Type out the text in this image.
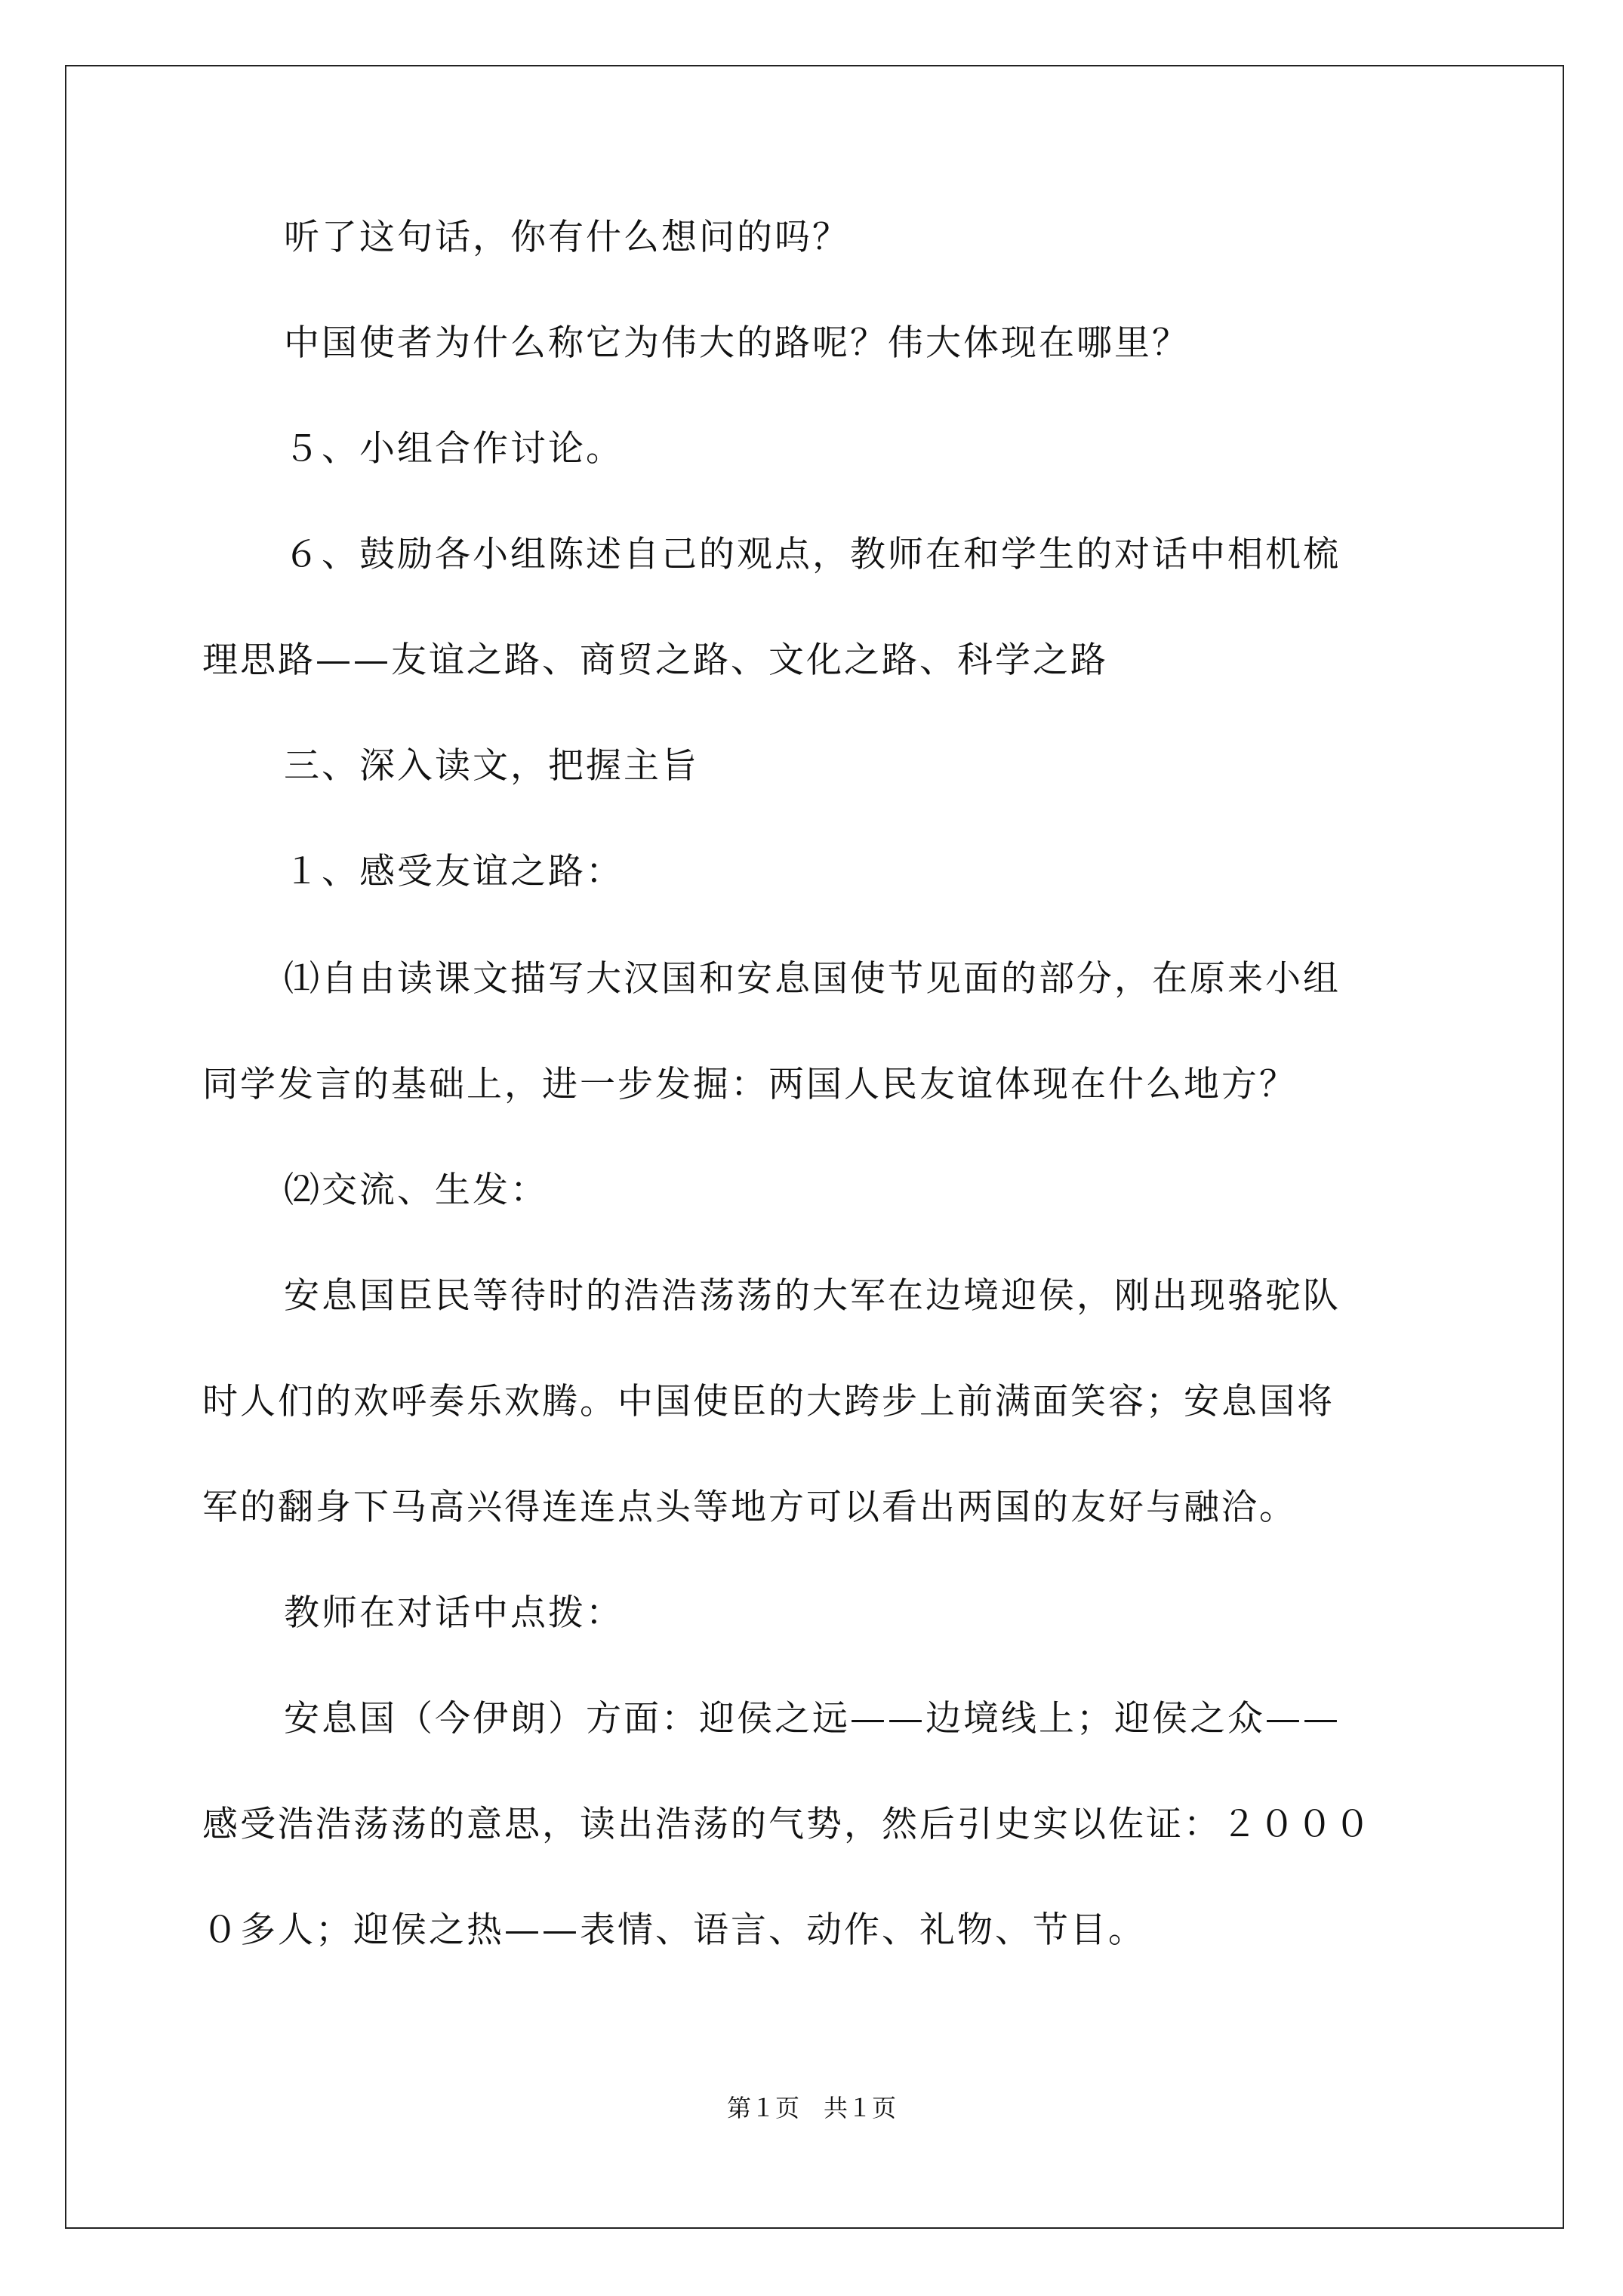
听了这句话，你有什么想问的吗？
中国使者为什么称它为伟大的路呢？伟大体现在哪里？
５、小组合作讨论。
６、鼓励各小组陈述自己的观点，教师在和学生的对话中相机梳
理思路——友谊之路、商贸之路、文化之路、科学之路
三、深入读文，把握主旨
１、感受友谊之路：
⑴自由读课文描写大汉国和安息国使节见面的部分，在原来小组
同学发言的基础上，进一步发掘：两国人民友谊体现在什么地方？
⑵交流、生发：
安息国臣民等待时的浩浩荡荡的大军在边境迎侯，刚出现骆驼队
时人们的欢呼奏乐欢腾。中国使臣的大跨步上前满面笑容；安息国将
军的翻身下马高兴得连连点头等地方可以看出两国的友好与融洽。
教师在对话中点拨：
安息国（今伊朗）方面：迎侯之远——边境线上；迎侯之众——
感受浩浩荡荡的意思，读出浩荡的气势，然后引史实以佐证：２０００
０多人；迎侯之热——表情、语言、动作、礼物、节目。
第１页　共１页
